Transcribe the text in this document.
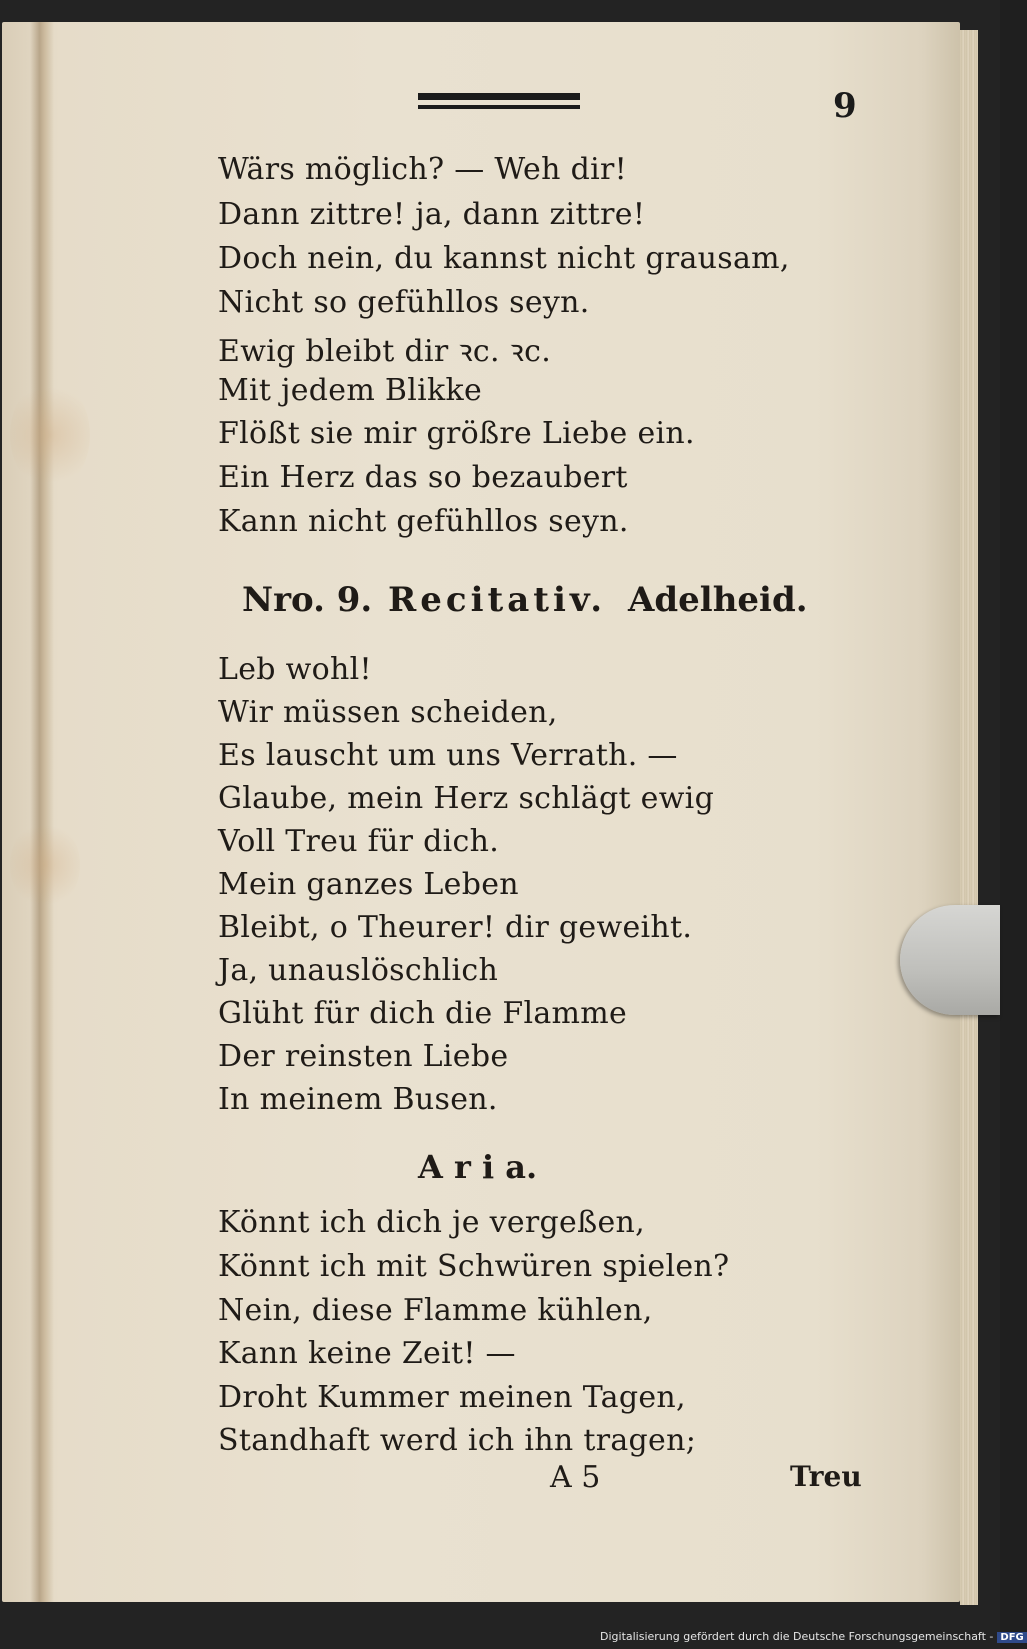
9
Wärs möglich? — Weh dir!
Dann zittre! ja, dann zittre!
Doch nein, du kannst nicht grausam,
Nicht so gefühllos seyn.
Ewig bleibt dir ꝛc. ꝛc.
Mit jedem Blikke
Flößt sie mir größre Liebe ein.
Ein Herz das so bezaubert
Kann nicht gefühllos seyn.
Nro. 9. Recitativ. Adelheid.
Leb wohl!
Wir müssen scheiden,
Es lauscht um uns Verrath. —
Glaube, mein Herz schlägt ewig
Voll Treu für dich.
Mein ganzes Leben
Bleibt, o Theurer! dir geweiht.
Ja, unauslöschlich
Glüht für dich die Flamme
Der reinsten Liebe
In meinem Busen.
A r i a.
Könnt ich dich je vergeßen,
Könnt ich mit Schwüren spielen?
Nein, diese Flamme kühlen,
Kann keine Zeit! —
Droht Kummer meinen Tagen,
Standhaft werd ich ihn tragen;
A 5	Treu
Digitalisierung gefördert durch die Deutsche Forschungsgemeinschaft - DFG
